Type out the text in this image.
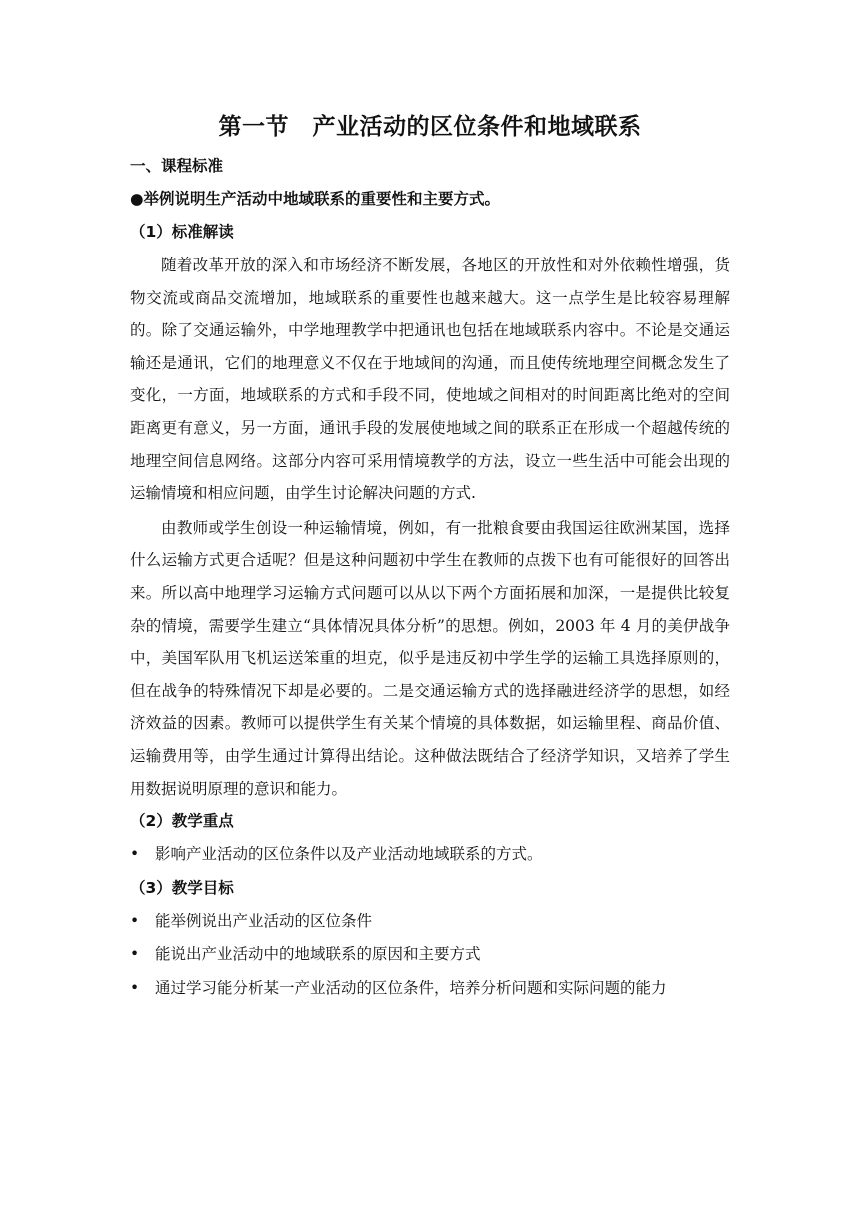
第一节　产业活动的区位条件和地域联系
一、课程标准
●举例说明生产活动中地域联系的重要性和主要方式。
（1）标准解读

随着改革开放的深入和市场经济不断发展，各地区的开放性和对外依赖性增强，货物交流或商品交流增加，地域联系的重要性也越来越大。这一点学生是比较容易理解的。除了交通运输外，中学地理教学中把通讯也包括在地域联系内容中。不论是交通运输还是通讯，它们的地理意义不仅在于地域间的沟通，而且使传统地理空间概念发生了变化，一方面，地域联系的方式和手段不同，使地域之间相对的时间距离比绝对的空间距离更有意义，另一方面，通讯手段的发展使地域之间的联系正在形成一个超越传统的地理空间信息网络。这部分内容可采用情境教学的方法，设立一些生活中可能会出现的运输情境和相应问题，由学生讨论解决问题的方式.

由教师或学生创设一种运输情境，例如，有一批粮食要由我国运往欧洲某国，选择什么运输方式更合适呢？但是这种问题初中学生在教师的点拨下也有可能很好的回答出来。所以高中地理学习运输方式问题可以从以下两个方面拓展和加深，一是提供比较复杂的情境，需要学生建立“具体情况具体分析”的思想。例如，2003 年 4 月的美伊战争中，美国军队用飞机运送笨重的坦克，似乎是违反初中学生学的运输工具选择原则的，但在战争的特殊情况下却是必要的。二是交通运输方式的选择融进经济学的思想，如经济效益的因素。教师可以提供学生有关某个情境的具体数据，如运输里程、商品价值、运输费用等，由学生通过计算得出结论。这种做法既结合了经济学知识，又培养了学生用数据说明原理的意识和能力。

（2）教学重点
• 影响产业活动的区位条件以及产业活动地域联系的方式。
（3）教学目标
• 能举例说出产业活动的区位条件
• 能说出产业活动中的地域联系的原因和主要方式
• 通过学习能分析某一产业活动的区位条件，培养分析问题和实际问题的能力
